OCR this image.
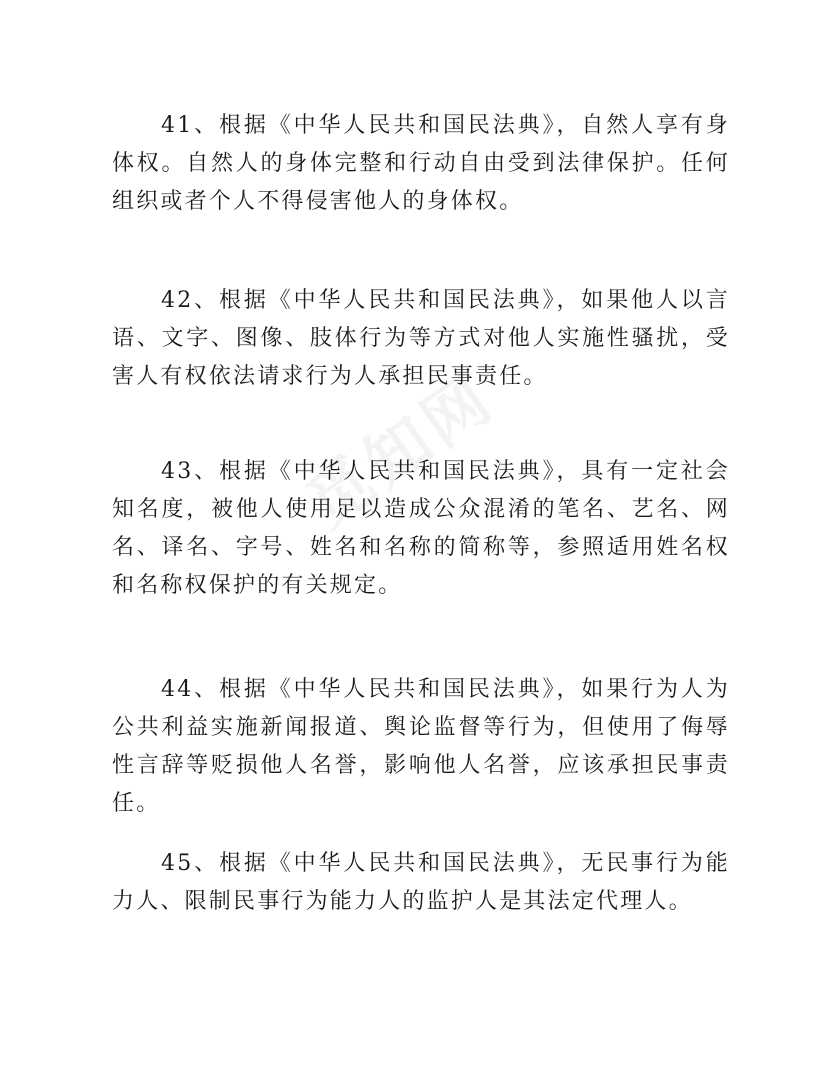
41、根据《中华人民共和国民法典》，自然人享有身体权。自然人的身体完整和行动自由受到法律保护。任何组织或者个人不得侵害他人的身体权。

42、根据《中华人民共和国民法典》，如果他人以言语、文字、图像、肢体行为等方式对他人实施性骚扰，受害人有权依法请求行为人承担民事责任。

43、根据《中华人民共和国民法典》，具有一定社会知名度，被他人使用足以造成公众混淆的笔名、艺名、网名、译名、字号、姓名和名称的简称等，参照适用姓名权和名称权保护的有关规定。

44、根据《中华人民共和国民法典》，如果行为人为公共利益实施新闻报道、舆论监督等行为，但使用了侮辱性言辞等贬损他人名誉，影响他人名誉，应该承担民事责任。

45、根据《中华人民共和国民法典》，无民事行为能力人、限制民事行为能力人的监护人是其法定代理人。
